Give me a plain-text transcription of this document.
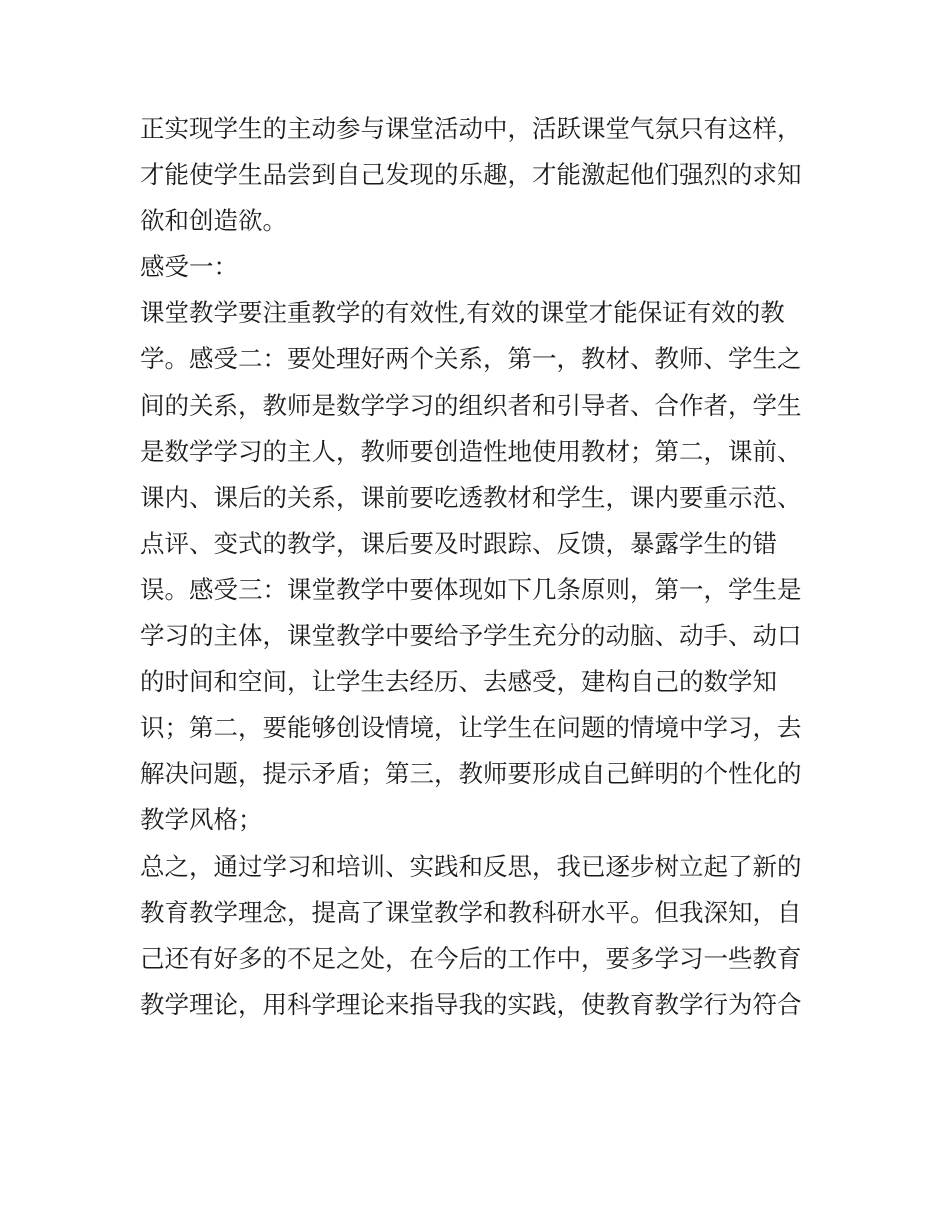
正实现学生的主动参与课堂活动中，活跃课堂气氛只有这样，
才能使学生品尝到自己发现的乐趣，才能激起他们强烈的求知
欲和创造欲。
感受一：
课堂教学要注重教学的有效性,有效的课堂才能保证有效的教
学。感受二：要处理好两个关系，第一，教材、教师、学生之
间的关系，教师是数学学习的组织者和引导者、合作者，学生
是数学学习的主人，教师要创造性地使用教材；第二，课前、
课内、课后的关系，课前要吃透教材和学生，课内要重示范、
点评、变式的教学，课后要及时跟踪、反馈，暴露学生的错
误。感受三：课堂教学中要体现如下几条原则，第一，学生是
学习的主体，课堂教学中要给予学生充分的动脑、动手、动口
的时间和空间，让学生去经历、去感受，建构自己的数学知
识；第二，要能够创设情境，让学生在问题的情境中学习，去
解决问题，提示矛盾；第三，教师要形成自己鲜明的个性化的
教学风格；
总之，通过学习和培训、实践和反思，我已逐步树立起了新的
教育教学理念，提高了课堂教学和教科研水平。但我深知，自
己还有好多的不足之处，在今后的工作中，要多学习一些教育
教学理论，用科学理论来指导我的实践，使教育教学行为符合
